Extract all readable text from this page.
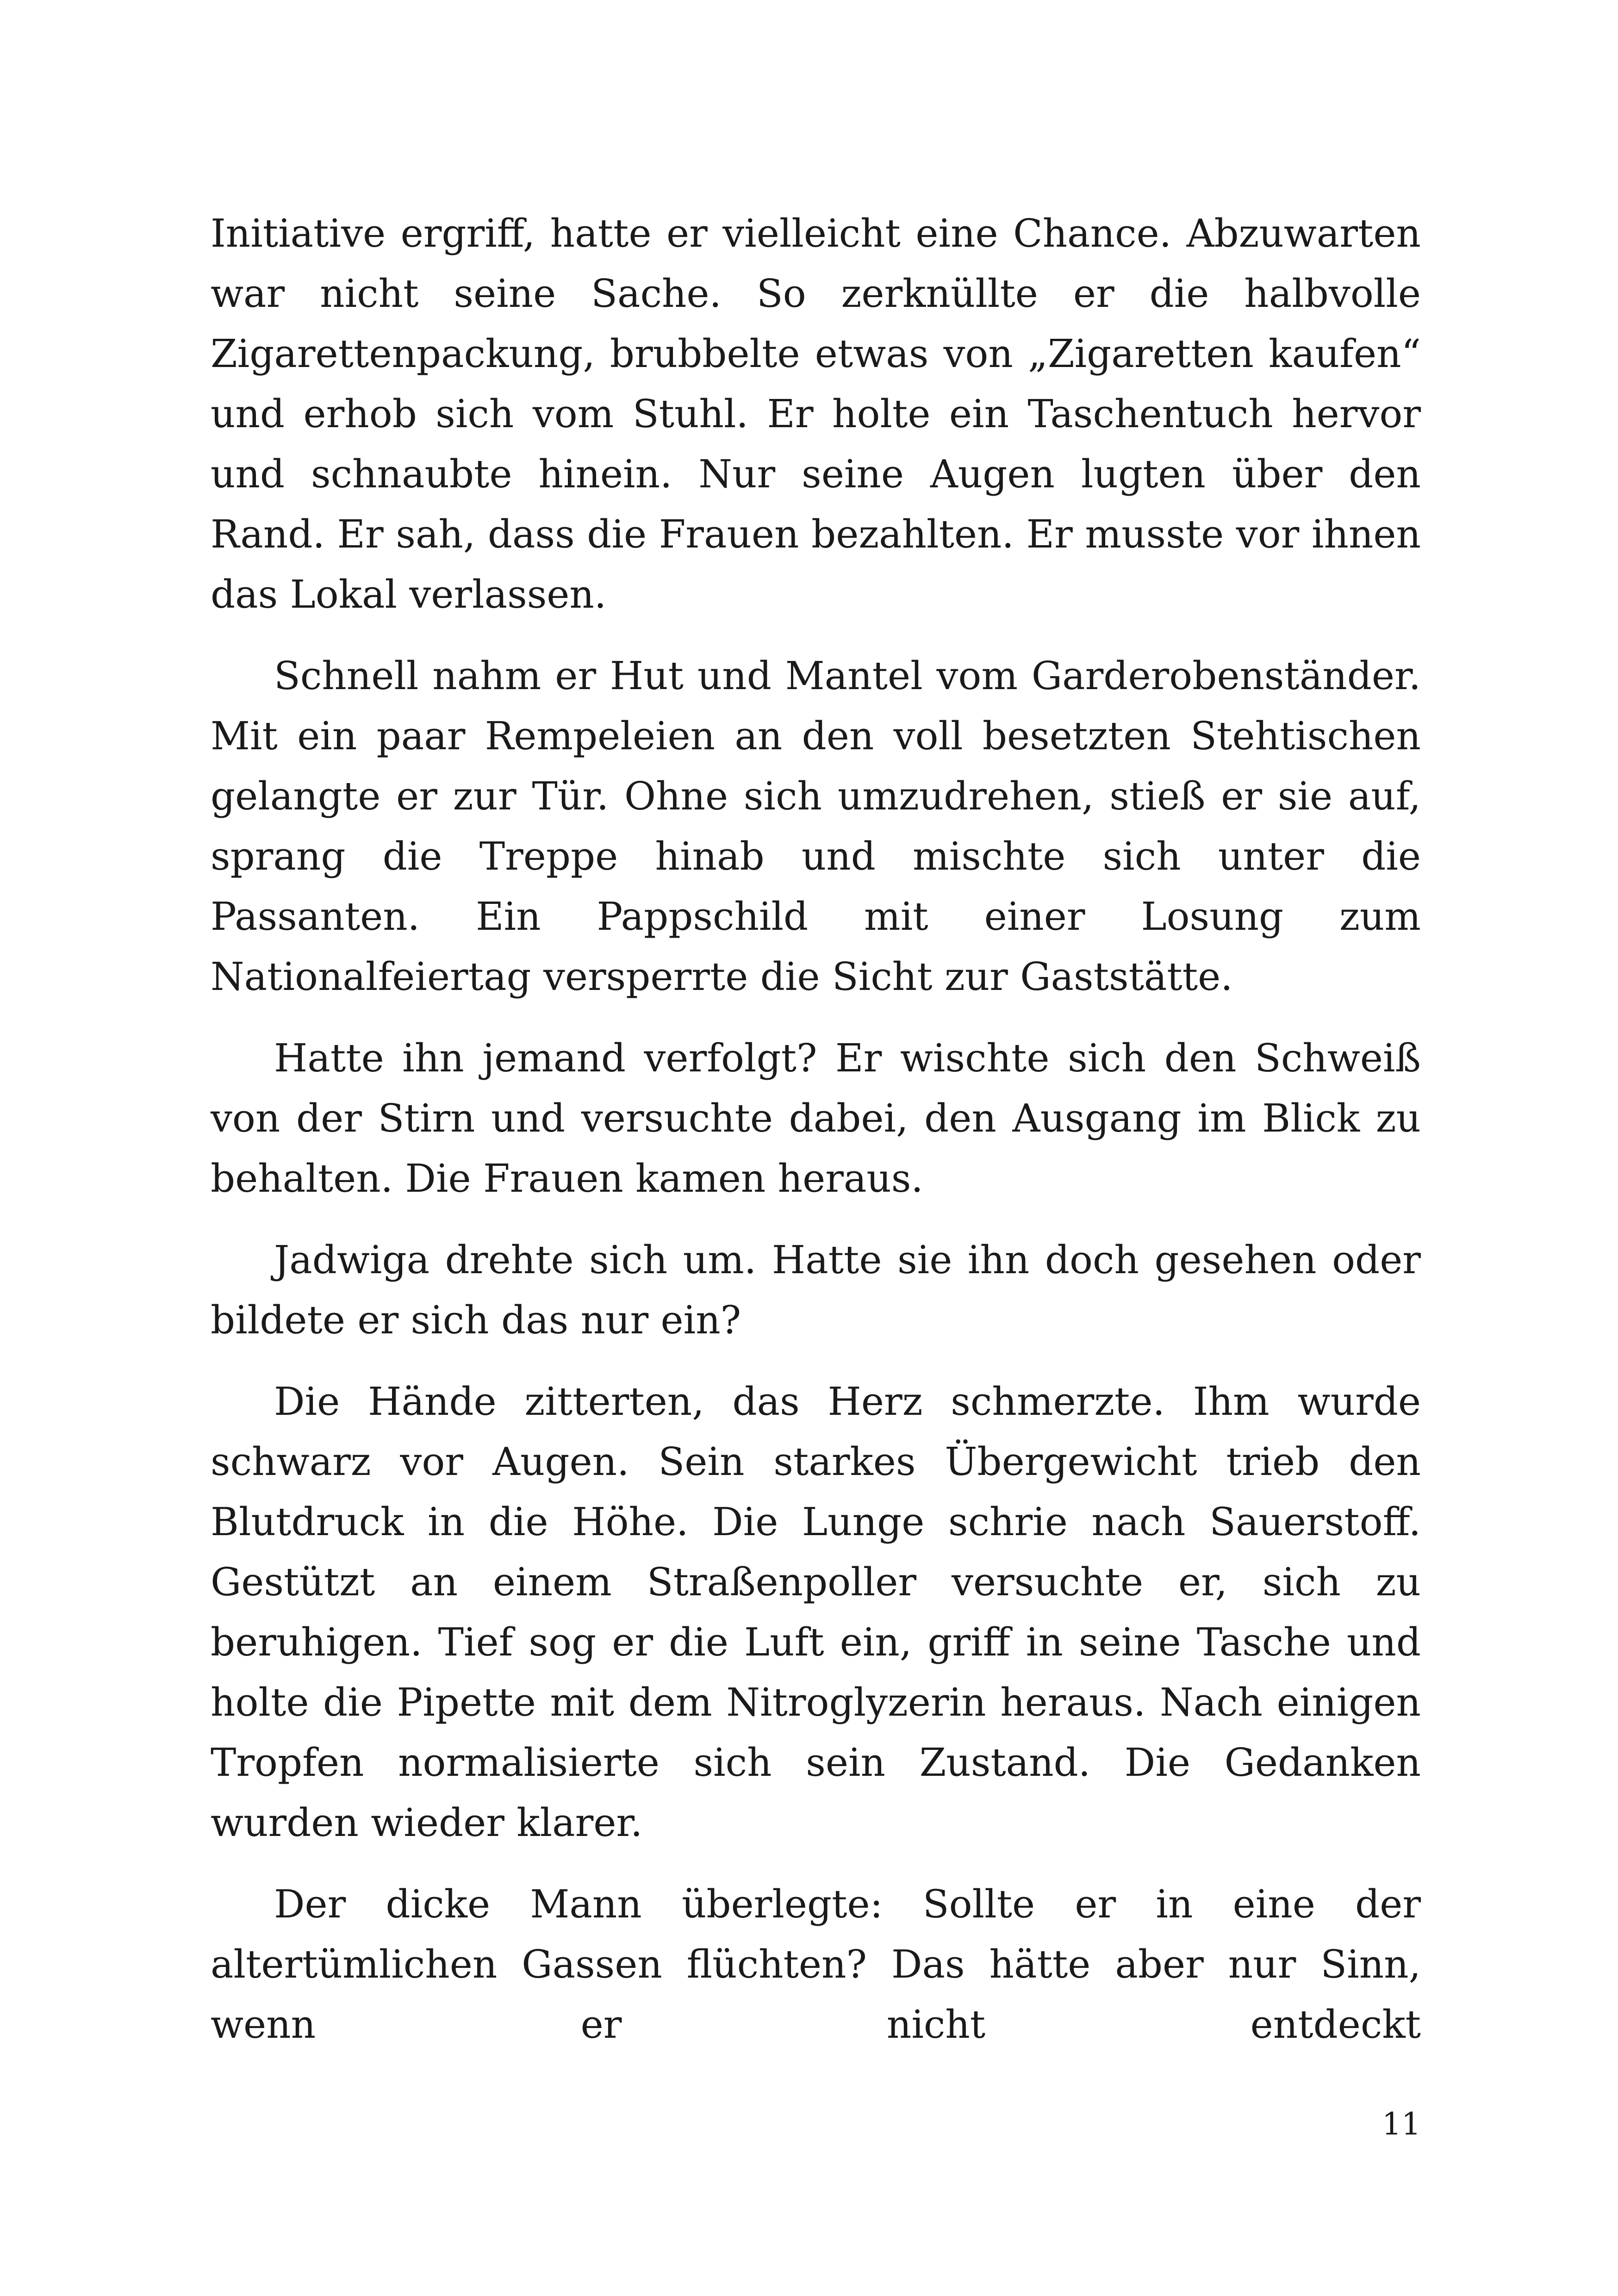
Initiative ergriff, hatte er vielleicht eine Chance. Abzuwarten war nicht seine Sache. So zerknüllte er die halbvolle Zigarettenpackung, brubbelte etwas von „Zigaretten kaufen“ und erhob sich vom Stuhl. Er holte ein Taschentuch hervor und schnaubte hinein. Nur seine Augen lugten über den Rand. Er sah, dass die Frauen bezahlten. Er musste vor ihnen das Lokal verlassen.

Schnell nahm er Hut und Mantel vom Garderobenständer. Mit ein paar Rempeleien an den voll besetzten Stehtischen gelangte er zur Tür. Ohne sich umzudrehen, stieß er sie auf, sprang die Treppe hinab und mischte sich unter die Passanten. Ein Pappschild mit einer Losung zum Nationalfeiertag versperrte die Sicht zur Gaststätte.

Hatte ihn jemand verfolgt? Er wischte sich den Schweiß von der Stirn und versuchte dabei, den Ausgang im Blick zu behalten. Die Frauen kamen heraus.

Jadwiga drehte sich um. Hatte sie ihn doch gesehen oder bildete er sich das nur ein?

Die Hände zitterten, das Herz schmerzte. Ihm wurde schwarz vor Augen. Sein starkes Übergewicht trieb den Blutdruck in die Höhe. Die Lunge schrie nach Sauerstoff. Gestützt an einem Straßenpoller versuchte er, sich zu beruhigen. Tief sog er die Luft ein, griff in seine Tasche und holte die Pipette mit dem Nitroglyzerin heraus. Nach einigen Tropfen normalisierte sich sein Zustand. Die Gedanken wurden wieder klarer.

Der dicke Mann überlegte: Sollte er in eine der altertümlichen Gassen flüchten? Das hätte aber nur Sinn, wenn er nicht entdeckt

11
